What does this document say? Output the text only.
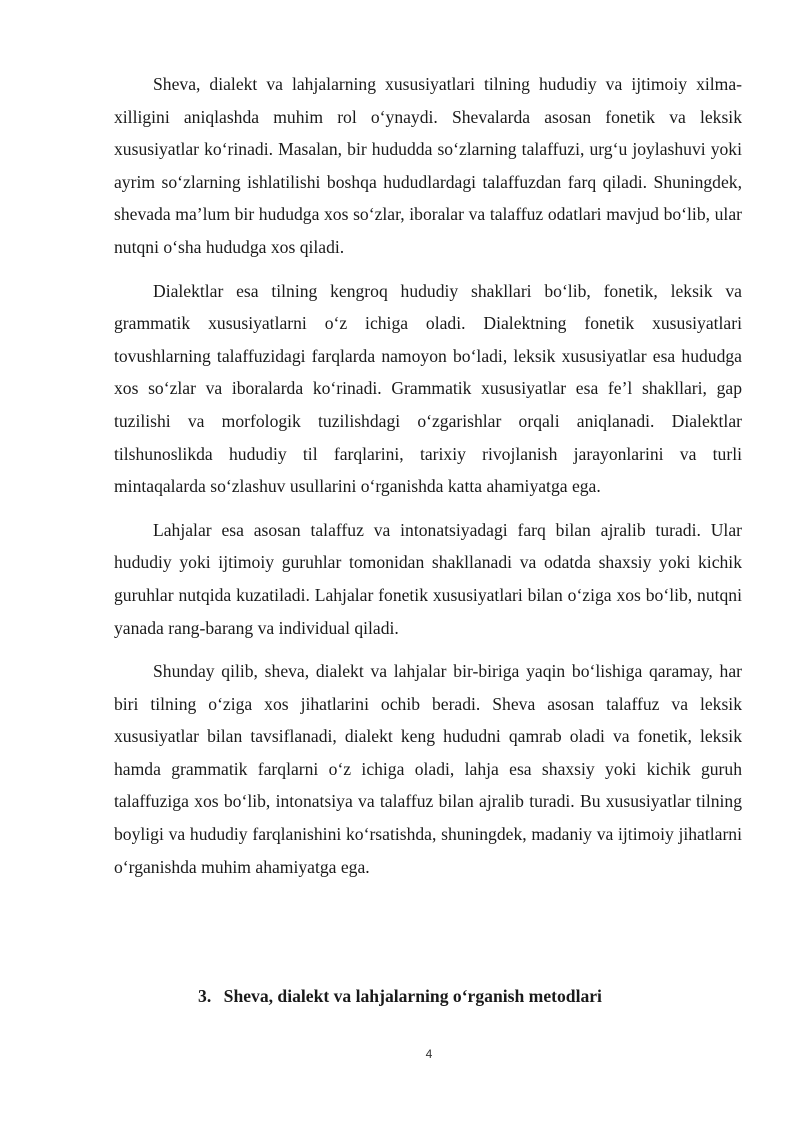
Sheva, dialekt va lahjalarning xususiyatlari tilning hududiy va ijtimoiy xilma-xilligini aniqlashda muhim rol o‘ynaydi. Shevalarda asosan fonetik va leksik xususiyatlar ko‘rinadi. Masalan, bir hududda so‘zlarning talaffuzi, urg‘u joylashuvi yoki ayrim so‘zlarning ishlatilishi boshqa hududlardagi talaffuzdan farq qiladi. Shuningdek, shevada ma’lum bir hududga xos so‘zlar, iboralar va talaffuz odatlari mavjud bo‘lib, ular nutqni o‘sha hududga xos qiladi.

Dialektlar esa tilning kengroq hududiy shakllari bo‘lib, fonetik, leksik va grammatik xususiyatlarni o‘z ichiga oladi. Dialektning fonetik xususiyatlari tovushlarning talaffuzidagi farqlarda namoyon bo‘ladi, leksik xususiyatlar esa hududga xos so‘zlar va iboralarda ko‘rinadi. Grammatik xususiyatlar esa fe’l shakllari, gap tuzilishi va morfologik tuzilishdagi o‘zgarishlar orqali aniqlanadi. Dialektlar tilshunoslikda hududiy til farqlarini, tarixiy rivojlanish jarayonlarini va turli mintaqalarda so‘zlashuv usullarini o‘rganishda katta ahamiyatga ega.

Lahjalar esa asosan talaffuz va intonatsiyadagi farq bilan ajralib turadi. Ular hududiy yoki ijtimoiy guruhlar tomonidan shakllanadi va odatda shaxsiy yoki kichik guruhlar nutqida kuzatiladi. Lahjalar fonetik xususiyatlari bilan o‘ziga xos bo‘lib, nutqni yanada rang-barang va individual qiladi.

Shunday qilib, sheva, dialekt va lahjalar bir-biriga yaqin bo‘lishiga qaramay, har biri tilning o‘ziga xos jihatlarini ochib beradi. Sheva asosan talaffuz va leksik xususiyatlar bilan tavsiflanadi, dialekt keng hududni qamrab oladi va fonetik, leksik hamda grammatik farqlarni o‘z ichiga oladi, lahja esa shaxsiy yoki kichik guruh talaffuziga xos bo‘lib, intonatsiya va talaffuz bilan ajralib turadi. Bu xususiyatlar tilning boyligi va hududiy farqlanishini ko‘rsatishda, shuningdek, madaniy va ijtimoiy jihatlarni o‘rganishda muhim ahamiyatga ega.

3. Sheva, dialekt va lahjalarning o‘rganish metodlari
4
